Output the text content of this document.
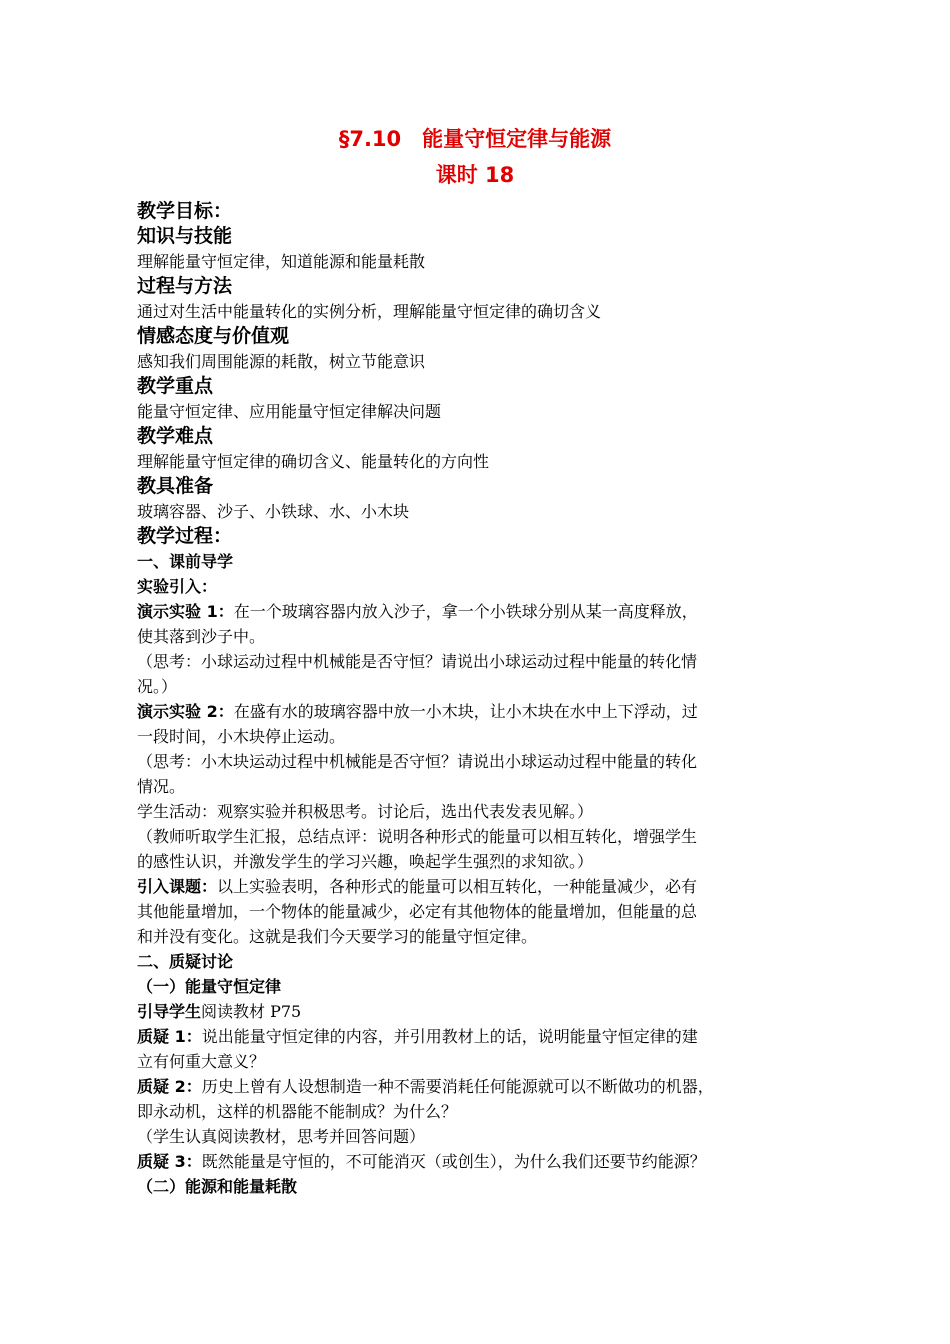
§7.10　能量守恒定律与能源
课时 18
教学目标：
知识与技能
理解能量守恒定律，知道能源和能量耗散
过程与方法
通过对生活中能量转化的实例分析，理解能量守恒定律的确切含义
情感态度与价值观
感知我们周围能源的耗散，树立节能意识
教学重点
能量守恒定律、应用能量守恒定律解决问题
教学难点
理解能量守恒定律的确切含义、能量转化的方向性
教具准备
玻璃容器、沙子、小铁球、水、小木块
教学过程：
一、课前导学
实验引入：
演示实验 1：在一个玻璃容器内放入沙子，拿一个小铁球分别从某一高度释放，
使其落到沙子中。
（思考：小球运动过程中机械能是否守恒？请说出小球运动过程中能量的转化情
况。）
演示实验 2：在盛有水的玻璃容器中放一小木块，让小木块在水中上下浮动，过
一段时间，小木块停止运动。
（思考：小木块运动过程中机械能是否守恒？请说出小球运动过程中能量的转化
情况。
学生活动：观察实验并积极思考。讨论后，选出代表发表见解。）
（教师听取学生汇报，总结点评：说明各种形式的能量可以相互转化，增强学生
的感性认识，并激发学生的学习兴趣，唤起学生强烈的求知欲。）
引入课题：以上实验表明，各种形式的能量可以相互转化，一种能量减少，必有
其他能量增加，一个物体的能量减少，必定有其他物体的能量增加，但能量的总
和并没有变化。这就是我们今天要学习的能量守恒定律。
二、质疑讨论
（一）能量守恒定律
引导学生阅读教材 P75
质疑 1：说出能量守恒定律的内容，并引用教材上的话，说明能量守恒定律的建
立有何重大意义？
质疑 2：历史上曾有人设想制造一种不需要消耗任何能源就可以不断做功的机器，
即永动机，这样的机器能不能制成？为什么？
（学生认真阅读教材，思考并回答问题）
质疑 3：既然能量是守恒的，不可能消灭（或创生），为什么我们还要节约能源？
（二）能源和能量耗散
